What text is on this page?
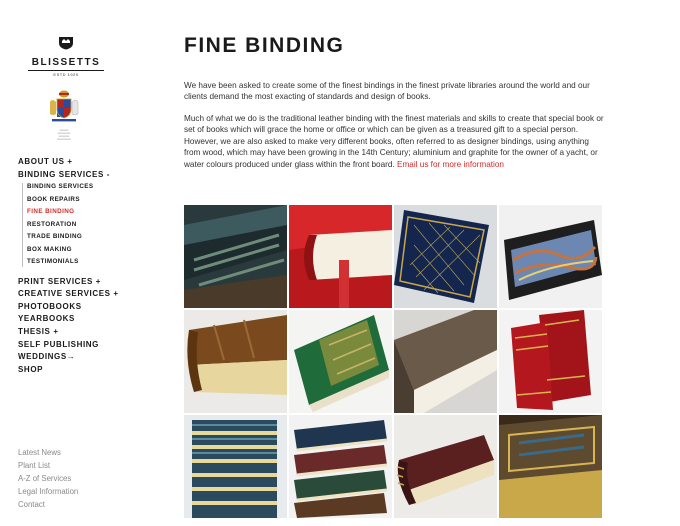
BLISSETTS
ESTD 1920
═════
═══════
══════
════════
ABOUT US +
BINDING SERVICES -
BINDING SERVICES
BOOK REPAIRS
FINE BINDING
RESTORATION
TRADE BINDING
BOX MAKING
TESTIMONIALS
PRINT SERVICES +
CREATIVE SERVICES +
PHOTOBOOKS
YEARBOOKS
THESIS +
SELF PUBLISHING
WEDDINGS→
SHOP
Latest News
Plant List
A-Z of Services
Legal Information
Contact
FINE BINDING

We have been asked to create some of the finest bindings in the finest private libraries around the world and our clients demand the most exacting of standards and design of books.

Much of what we do is the traditional leather binding with the finest materials and skills to create that special book or set of books which will grace the home or office or which can be given as a treasured gift to a special person. However, we are also asked to make very different books, often referred to as designer bindings, using anything from wood, which may have been growing in the 14th Century; aluminium and graphite for the owner of a yacht, or water colours produced under glass within the front board. Email us for more information
